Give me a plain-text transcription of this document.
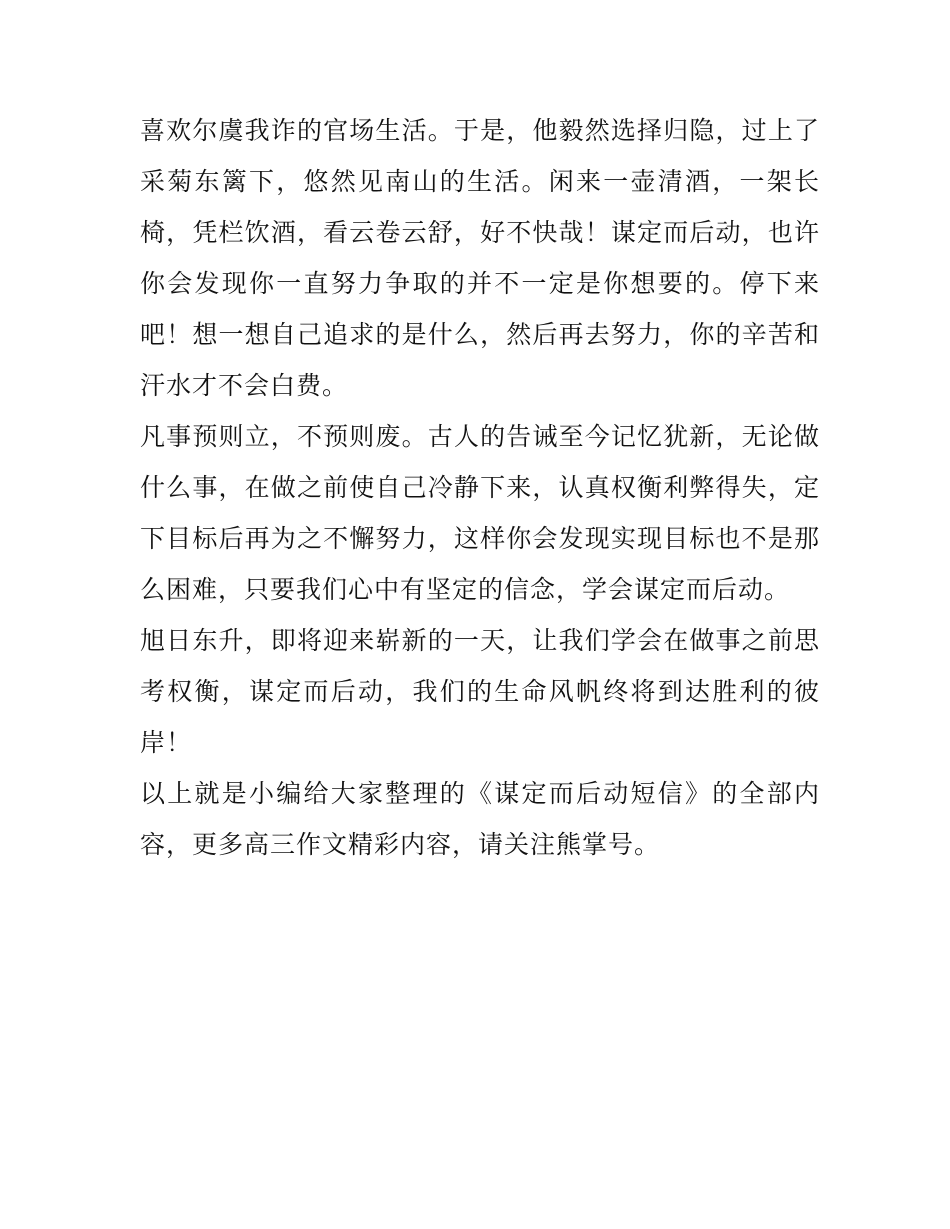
喜欢尔虞我诈的官场生活。于是，他毅然选择归隐，过上了采菊东篱下，悠然见南山的生活。闲来一壶清酒，一架长椅，凭栏饮酒，看云卷云舒，好不快哉！谋定而后动，也许你会发现你一直努力争取的并不一定是你想要的。停下来吧！想一想自己追求的是什么，然后再去努力，你的辛苦和汗水才不会白费。

凡事预则立，不预则废。古人的告诫至今记忆犹新，无论做什么事，在做之前使自己冷静下来，认真权衡利弊得失，定下目标后再为之不懈努力，这样你会发现实现目标也不是那么困难，只要我们心中有坚定的信念，学会谋定而后动。

旭日东升，即将迎来崭新的一天，让我们学会在做事之前思考权衡，谋定而后动，我们的生命风帆终将到达胜利的彼岸！

以上就是小编给大家整理的《谋定而后动短信》的全部内容，更多高三作文精彩内容，请关注熊掌号。
